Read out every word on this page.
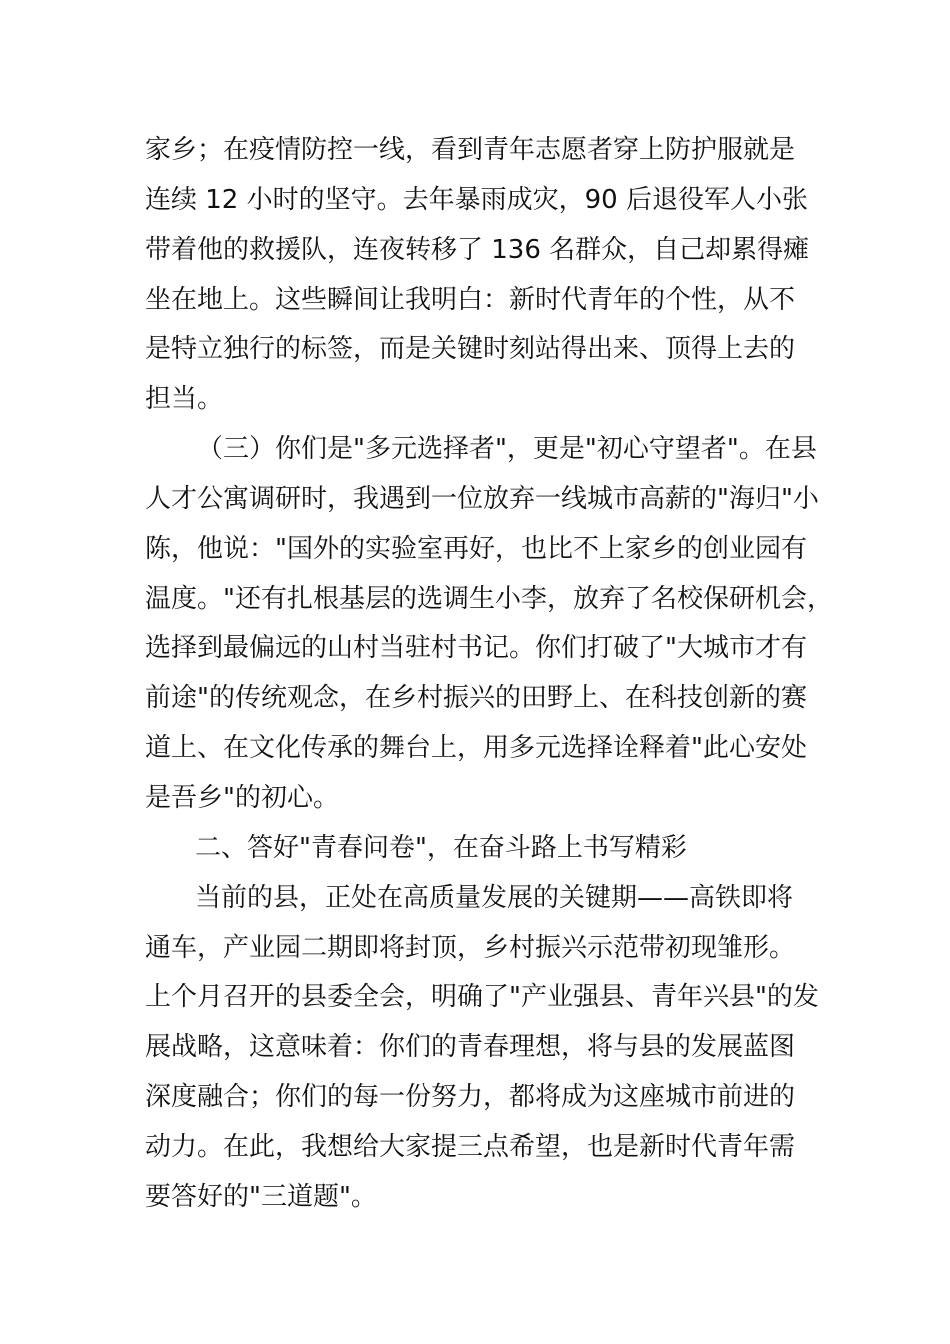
家乡；在疫情防控一线，看到青年志愿者穿上防护服就是
连续 12 小时的坚守。去年暴雨成灾，90 后退役军人小张
带着他的救援队，连夜转移了 136 名群众，自己却累得瘫
坐在地上。这些瞬间让我明白：新时代青年的个性，从不
是特立独行的标签，而是关键时刻站得出来、顶得上去的
担当。
（三）你们是"多元选择者"，更是"初心守望者"。在县
人才公寓调研时，我遇到一位放弃一线城市高薪的"海归"小
陈，他说："国外的实验室再好，也比不上家乡的创业园有
温度。"还有扎根基层的选调生小李，放弃了名校保研机会，
选择到最偏远的山村当驻村书记。你们打破了"大城市才有
前途"的传统观念，在乡村振兴的田野上、在科技创新的赛
道上、在文化传承的舞台上，用多元选择诠释着"此心安处
是吾乡"的初心。
二、答好"青春问卷"，在奋斗路上书写精彩
当前的县，正处在高质量发展的关键期——高铁即将
通车，产业园二期即将封顶，乡村振兴示范带初现雏形。
上个月召开的县委全会，明确了"产业强县、青年兴县"的发
展战略，这意味着：你们的青春理想，将与县的发展蓝图
深度融合；你们的每一份努力，都将成为这座城市前进的
动力。在此，我想给大家提三点希望，也是新时代青年需
要答好的"三道题"。
